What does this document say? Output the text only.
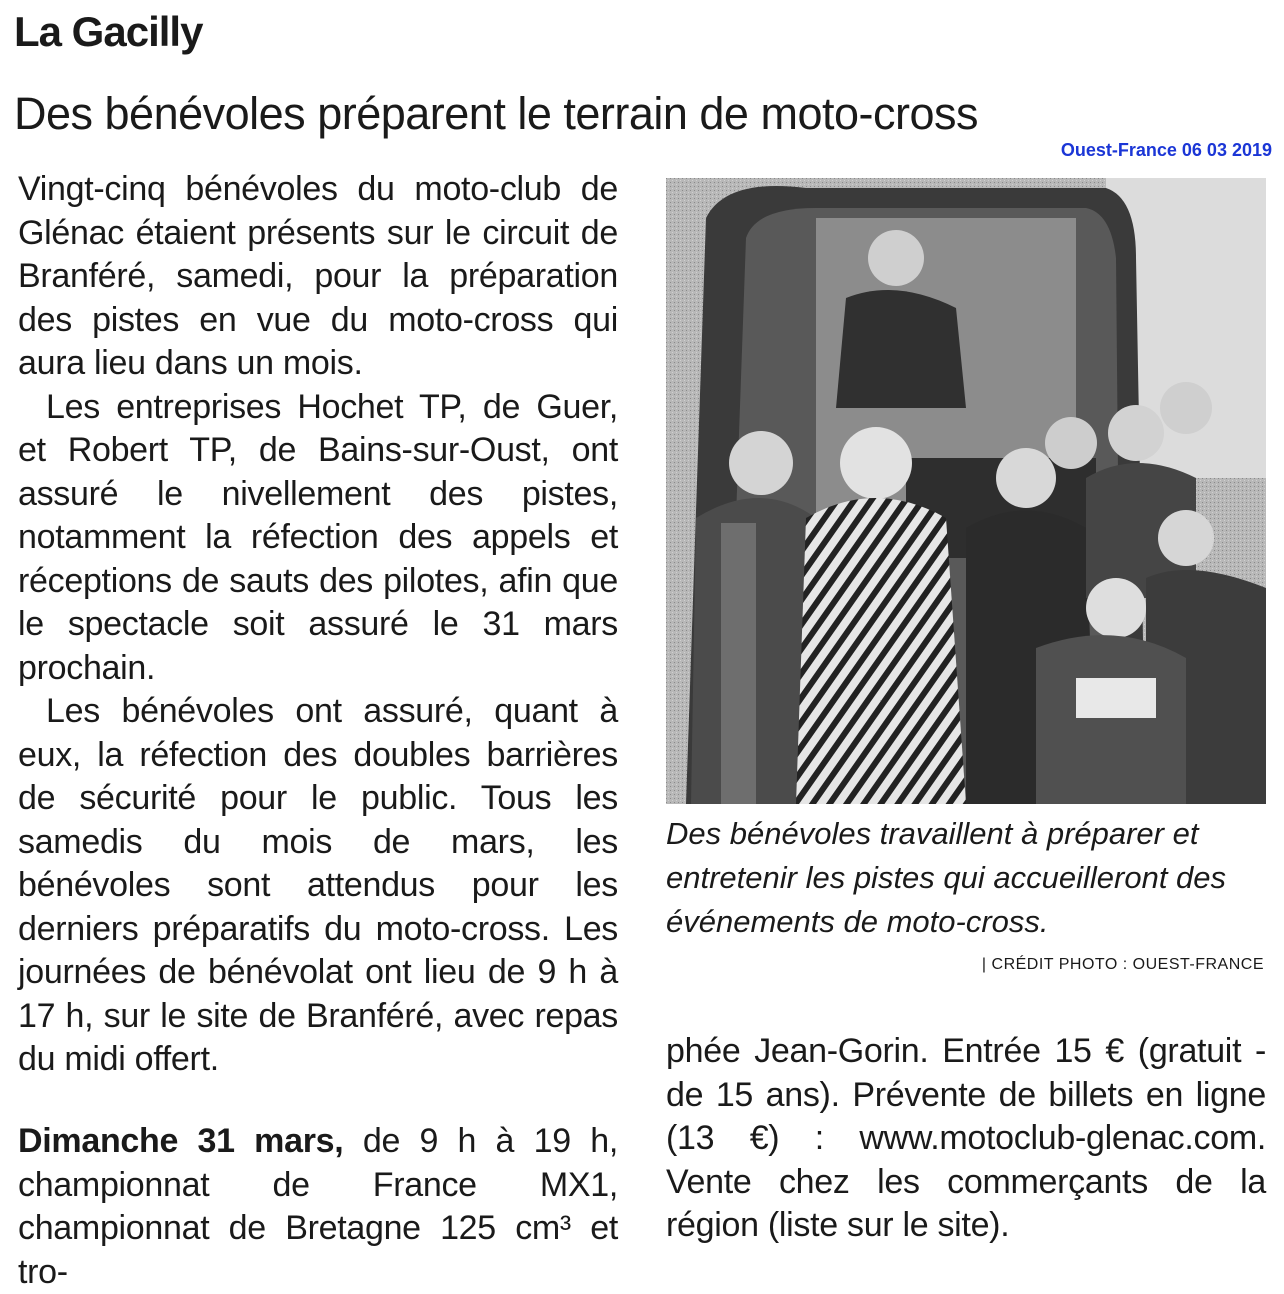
La Gacilly
Des bénévoles préparent le terrain de moto-cross
Ouest-France 06 03 2019

Vingt-cinq bénévoles du moto-club de Glénac étaient présents sur le circuit de Branféré, samedi, pour la préparation des pistes en vue du moto-cross qui aura lieu dans un mois.

Les entreprises Hochet TP, de Guer, et Robert TP, de Bains-sur-Oust, ont assuré le nivellement des pistes, notamment la réfection des appels et réceptions de sauts des pilotes, afin que le spectacle soit assuré le 31 mars prochain.

Les bénévoles ont assuré, quant à eux, la réfection des doubles barrières de sécurité pour le public. Tous les samedis du mois de mars, les bénévoles sont attendus pour les derniers préparatifs du moto-cross. Les journées de bénévolat ont lieu de 9 h à 17 h, sur le site de Branféré, avec repas du midi offert.

Dimanche 31 mars, de 9 h à 19 h, championnat de France MX1, championnat de Bretagne 125 cm³ et tro-

Des bénévoles travaillent à préparer et entretenir les pistes qui accueilleront des événements de moto-cross.

| CRÉDIT PHOTO : OUEST-FRANCE

phée Jean-Gorin. Entrée 15 € (gratuit - de 15 ans). Prévente de billets en ligne (13 €) : www.motoclub-glenac.com. Vente chez les commerçants de la région (liste sur le site).
